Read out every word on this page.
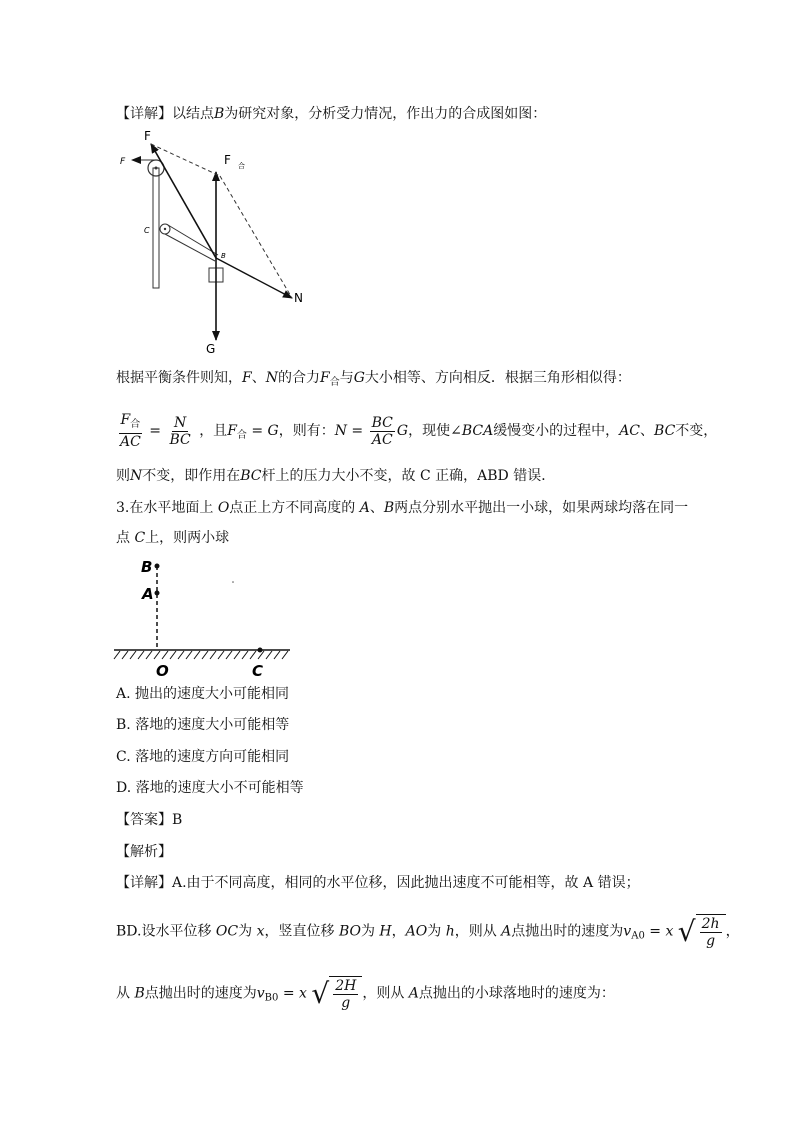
【详解】以结点B为研究对象，分析受力情况，作出力的合成图如图：
F
C
B
F
F 合
N
G
根据平衡条件则知，F、N的合力$F_合$与G大小相等、方向相反．根据三角形相似得：
$\frac{F_合}{AC} = \frac{N}{BC}$ ，且$F_合 = G$，则有：$N = \frac{BC}{AC}$ G，现使∠BCA缓慢变小的过程中，AC、BC不变，
则N不变，即作用在BC杆上的压力大小不变，故 C 正确，ABD 错误．
3.在水平地面上 O点正上方不同高度的 A、B两点分别水平抛出一小球，如果两球均落在同一
点 C上，则两小球
B
A
O	C
A. 抛出的速度大小可能相同
B. 落地的速度大小可能相等
C. 落地的速度方向可能相同
D. 落地的速度大小不可能相等
【答案】B
【解析】
【详解】A.由于不同高度，相同的水平位移，因此抛出速度不可能相等，故 A 错误；
BD.设水平位移 OC为 x，竖直位移 BO为 H，AO为 h，则从 A点抛出时的速度为$v_{A0} = x$ √ $\frac{2h}{g}$ ，
从 B点抛出时的速度为$v_{B0} = x$ √ $\frac{2H}{g}$ ，则从 A点抛出的小球落地时的速度为：
